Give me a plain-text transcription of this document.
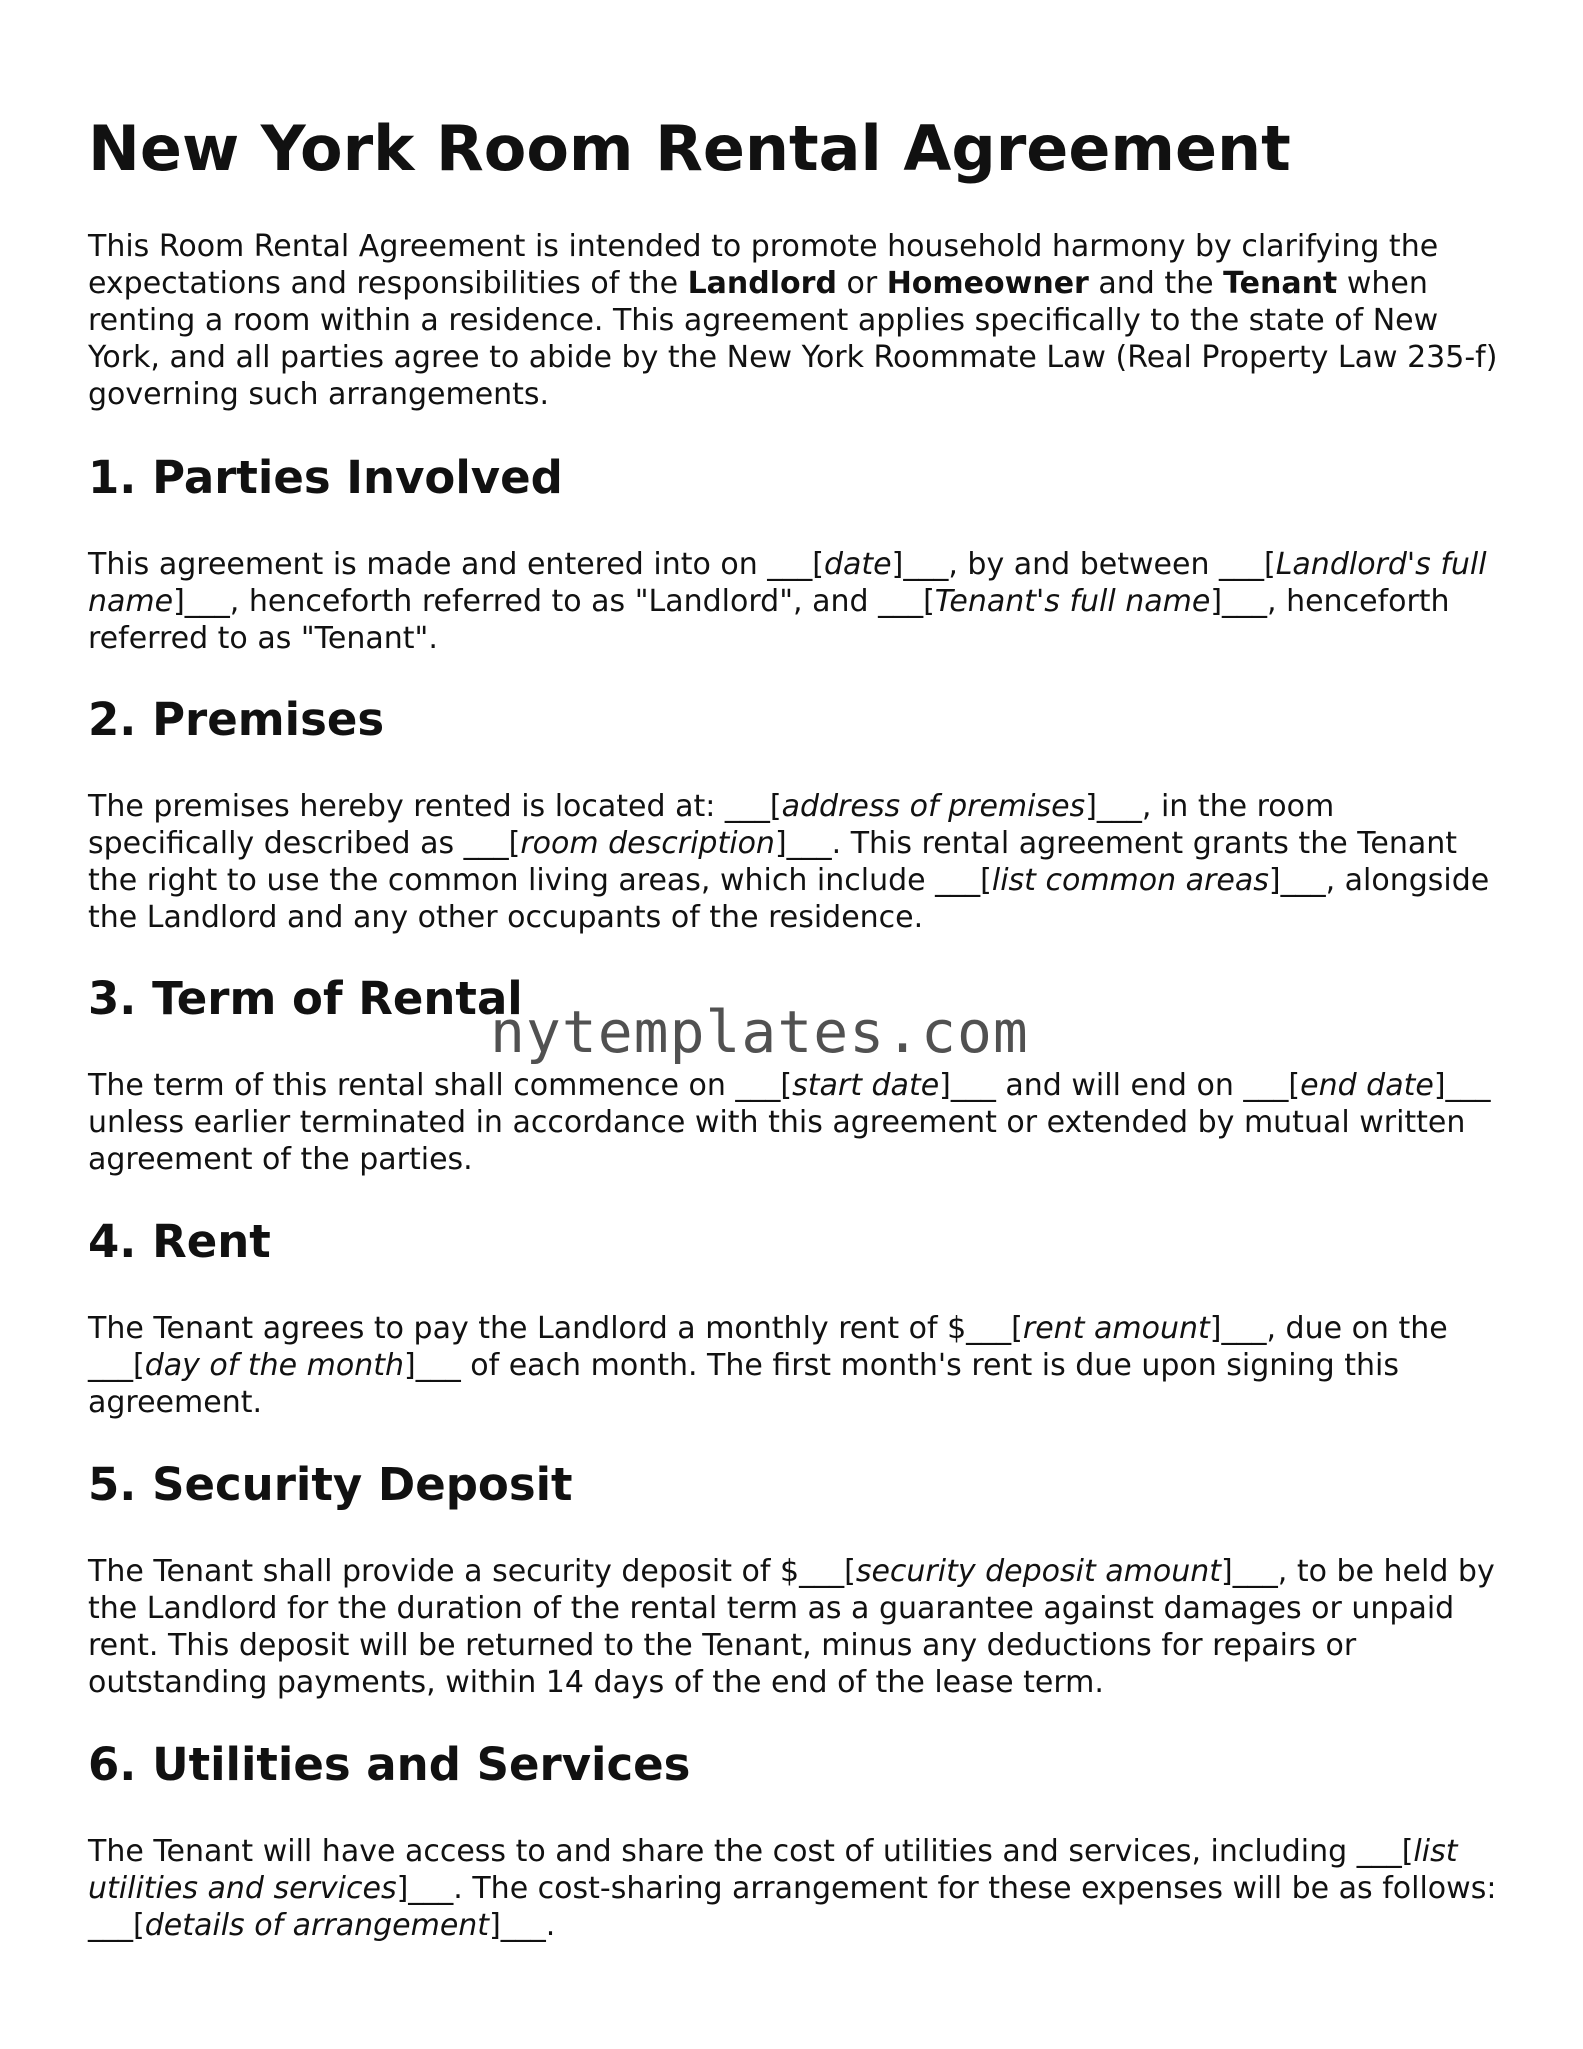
New York Room Rental Agreement

This Room Rental Agreement is intended to promote household harmony by clarifying the expectations and responsibilities of the Landlord or Homeowner and the Tenant when renting a room within a residence. This agreement applies specifically to the state of New York, and all parties agree to abide by the New York Roommate Law (Real Property Law 235-f) governing such arrangements.

1. Parties Involved

This agreement is made and entered into on ___[date]___, by and between ___[Landlord's full name]___, henceforth referred to as "Landlord", and ___[Tenant's full name]___, henceforth referred to as "Tenant".

2. Premises

The premises hereby rented is located at: ___[address of premises]___, in the room specifically described as ___[room description]___. This rental agreement grants the Tenant the right to use the common living areas, which include ___[list common areas]___, alongside the Landlord and any other occupants of the residence.

3. Term of Rental

The term of this rental shall commence on ___[start date]___ and will end on ___[end date]___ unless earlier terminated in accordance with this agreement or extended by mutual written agreement of the parties.

4. Rent

The Tenant agrees to pay the Landlord a monthly rent of $___[rent amount]___, due on the ___[day of the month]___ of each month. The first month's rent is due upon signing this agreement.

5. Security Deposit

The Tenant shall provide a security deposit of $___[security deposit amount]___, to be held by the Landlord for the duration of the rental term as a guarantee against damages or unpaid rent. This deposit will be returned to the Tenant, minus any deductions for repairs or outstanding payments, within 14 days of the end of the lease term.

6. Utilities and Services

The Tenant will have access to and share the cost of utilities and services, including ___[list utilities and services]___. The cost-sharing arrangement for these expenses will be as follows: ___[details of arrangement]___.

nytemplates.com
